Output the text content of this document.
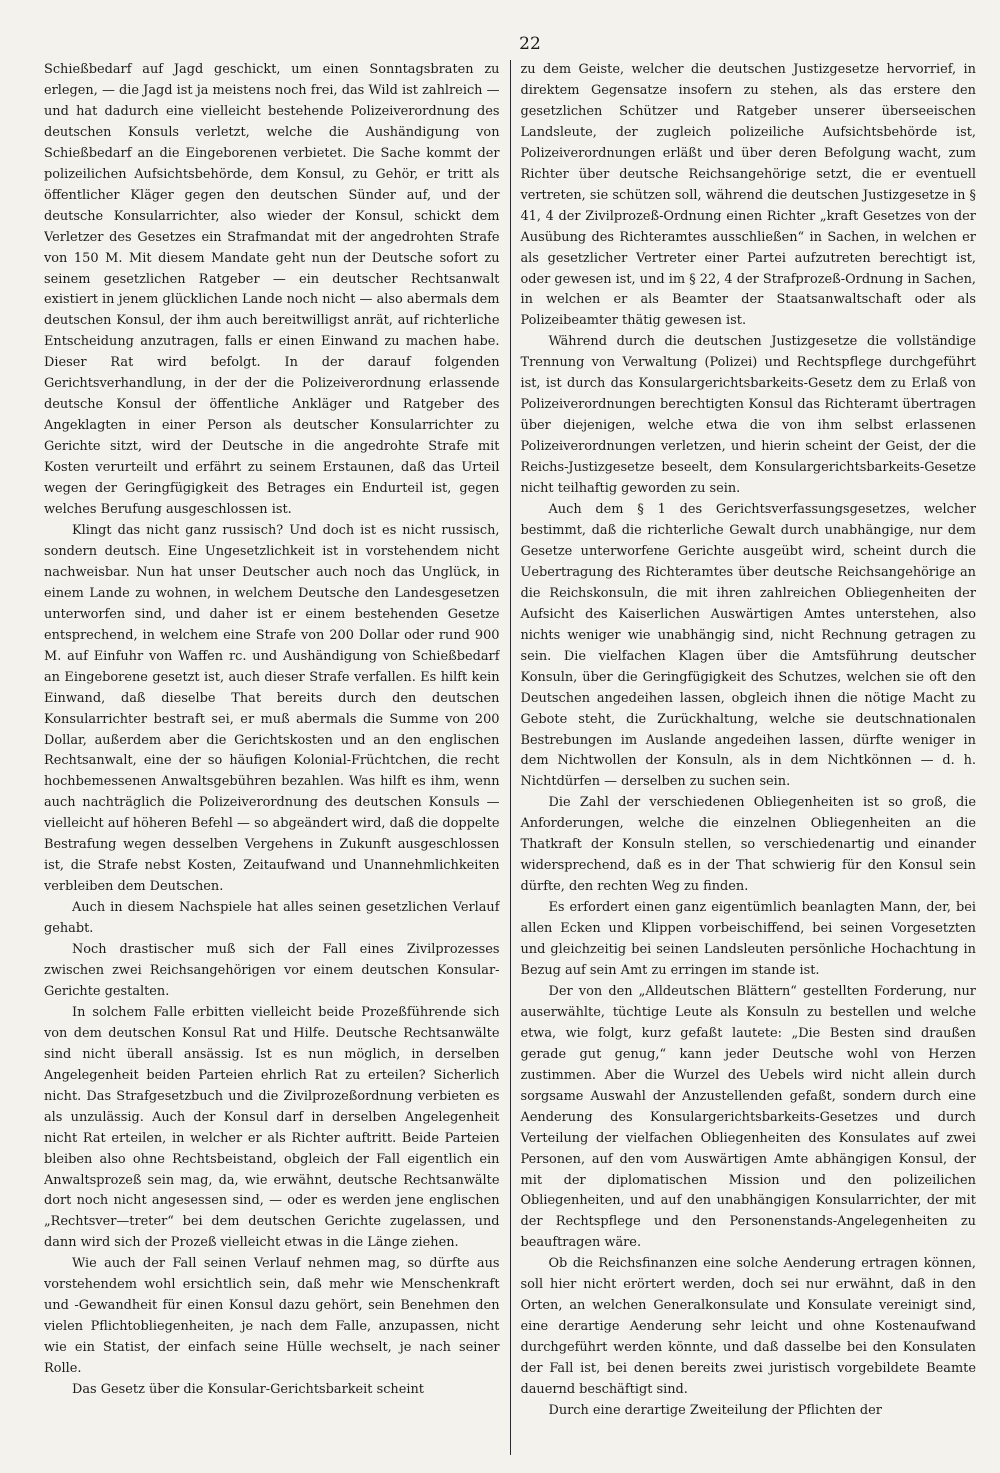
22

Schießbedarf auf Jagd geschickt, um einen Sonntagsbraten zu erlegen, — die Jagd ist ja meistens noch frei, das Wild ist zahlreich — und hat dadurch eine vielleicht bestehende Polizeiverordnung des deutschen Konsuls verletzt, welche die Aushändigung von Schießbedarf an die Eingeborenen verbietet. Die Sache kommt der polizeilichen Aufsichtsbehörde, dem Konsul, zu Gehör, er tritt als öffentlicher Kläger gegen den deutschen Sünder auf, und der deutsche Konsularrichter, also wieder der Konsul, schickt dem Verletzer des Gesetzes ein Strafmandat mit der angedrohten Strafe von 150 M. Mit diesem Mandate geht nun der Deutsche sofort zu seinem gesetzlichen Ratgeber — ein deutscher Rechtsanwalt existiert in jenem glücklichen Lande noch nicht — also abermals dem deutschen Konsul, der ihm auch bereitwilligst anrät, auf richterliche Entscheidung anzutragen, falls er einen Einwand zu machen habe. Dieser Rat wird befolgt. In der darauf folgenden Gerichtsverhandlung, in der der die Polizeiverordnung erlassende deutsche Konsul der öffentliche Ankläger und Ratgeber des Angeklagten in einer Person als deutscher Konsularrichter zu Gerichte sitzt, wird der Deutsche in die angedrohte Strafe mit Kosten verurteilt und erfährt zu seinem Erstaunen, daß das Urteil wegen der Geringfügigkeit des Betrages ein Endurteil ist, gegen welches Berufung ausgeschlossen ist.

Klingt das nicht ganz russisch? Und doch ist es nicht russisch, sondern deutsch. Eine Ungesetzlichkeit ist in vorstehendem nicht nachweisbar. Nun hat unser Deutscher auch noch das Unglück, in einem Lande zu wohnen, in welchem Deutsche den Landesgesetzen unterworfen sind, und daher ist er einem bestehenden Gesetze entsprechend, in welchem eine Strafe von 200 Dollar oder rund 900 M. auf Einfuhr von Waffen rc. und Aushändigung von Schießbedarf an Eingeborene gesetzt ist, auch dieser Strafe verfallen. Es hilft kein Einwand, daß dieselbe That bereits durch den deutschen Konsularrichter bestraft sei, er muß abermals die Summe von 200 Dollar, außerdem aber die Gerichtskosten und an den englischen Rechtsanwalt, eine der so häufigen Kolonial-Früchtchen, die recht hochbemessenen Anwaltsgebühren bezahlen. Was hilft es ihm, wenn auch nachträglich die Polizeiverordnung des deutschen Konsuls — vielleicht auf höheren Befehl — so abgeändert wird, daß die doppelte Bestrafung wegen desselben Vergehens in Zukunft ausgeschlossen ist, die Strafe nebst Kosten, Zeitaufwand und Unannehmlichkeiten verbleiben dem Deutschen.

Auch in diesem Nachspiele hat alles seinen gesetzlichen Verlauf gehabt.

Noch drastischer muß sich der Fall eines Zivilprozesses zwischen zwei Reichsangehörigen vor einem deutschen Konsular-Gerichte gestalten.

In solchem Falle erbitten vielleicht beide Prozeßführende sich von dem deutschen Konsul Rat und Hilfe. Deutsche Rechtsanwälte sind nicht überall ansässig. Ist es nun möglich, in derselben Angelegenheit beiden Parteien ehrlich Rat zu erteilen? Sicherlich nicht. Das Strafgesetzbuch und die Zivilprozeßordnung verbieten es als unzulässig. Auch der Konsul darf in derselben Angelegenheit nicht Rat erteilen, in welcher er als Richter auftritt. Beide Parteien bleiben also ohne Rechtsbeistand, obgleich der Fall eigentlich ein Anwaltsprozeß sein mag, da, wie erwähnt, deutsche Rechtsanwälte dort noch nicht angesessen sind, — oder es werden jene englischen „Rechtsver—treter“ bei dem deutschen Gerichte zugelassen, und dann wird sich der Prozeß vielleicht etwas in die Länge ziehen.

Wie auch der Fall seinen Verlauf nehmen mag, so dürfte aus vorstehendem wohl ersichtlich sein, daß mehr wie Menschenkraft und -Gewandheit für einen Konsul dazu gehört, sein Benehmen den vielen Pflichtobliegenheiten, je nach dem Falle, anzupassen, nicht wie ein Statist, der einfach seine Hülle wechselt, je nach seiner Rolle.

Das Gesetz über die Konsular-Gerichtsbarkeit scheint

zu dem Geiste, welcher die deutschen Justizgesetze hervorrief, in direktem Gegensatze insofern zu stehen, als das erstere den gesetzlichen Schützer und Ratgeber unserer überseeischen Landsleute, der zugleich polizeiliche Aufsichtsbehörde ist, Polizeiverordnungen erläßt und über deren Befolgung wacht, zum Richter über deutsche Reichsangehörige setzt, die er eventuell vertreten, sie schützen soll, während die deutschen Justizgesetze in § 41, 4 der Zivilprozeß-Ordnung einen Richter „kraft Gesetzes von der Ausübung des Richteramtes ausschließen“ in Sachen, in welchen er als gesetzlicher Vertreter einer Partei aufzutreten berechtigt ist, oder gewesen ist, und im § 22, 4 der Strafprozeß-Ordnung in Sachen, in welchen er als Beamter der Staatsanwaltschaft oder als Polizeibeamter thätig gewesen ist.

Während durch die deutschen Justizgesetze die vollständige Trennung von Verwaltung (Polizei) und Rechtspflege durchgeführt ist, ist durch das Konsulargerichtsbarkeits-Gesetz dem zu Erlaß von Polizeiverordnungen berechtigten Konsul das Richteramt übertragen über diejenigen, welche etwa die von ihm selbst erlassenen Polizeiverordnungen verletzen, und hierin scheint der Geist, der die Reichs-Justizgesetze beseelt, dem Konsulargerichtsbarkeits-Gesetze nicht teilhaftig geworden zu sein.

Auch dem § 1 des Gerichtsverfassungsgesetzes, welcher bestimmt, daß die richterliche Gewalt durch unabhängige, nur dem Gesetze unterworfene Gerichte ausgeübt wird, scheint durch die Uebertragung des Richteramtes über deutsche Reichsangehörige an die Reichskonsuln, die mit ihren zahlreichen Obliegenheiten der Aufsicht des Kaiserlichen Auswärtigen Amtes unterstehen, also nichts weniger wie unabhängig sind, nicht Rechnung getragen zu sein. Die vielfachen Klagen über die Amtsführung deutscher Konsuln, über die Geringfügigkeit des Schutzes, welchen sie oft den Deutschen angedeihen lassen, obgleich ihnen die nötige Macht zu Gebote steht, die Zurückhaltung, welche sie deutschnationalen Bestrebungen im Auslande angedeihen lassen, dürfte weniger in dem Nichtwollen der Konsuln, als in dem Nichtkönnen — d. h. Nichtdürfen — derselben zu suchen sein.

Die Zahl der verschiedenen Obliegenheiten ist so groß, die Anforderungen, welche die einzelnen Obliegenheiten an die Thatkraft der Konsuln stellen, so verschiedenartig und einander widersprechend, daß es in der That schwierig für den Konsul sein dürfte, den rechten Weg zu finden.

Es erfordert einen ganz eigentümlich beanlagten Mann, der, bei allen Ecken und Klippen vorbeischiffend, bei seinen Vorgesetzten und gleichzeitig bei seinen Landsleuten persönliche Hochachtung in Bezug auf sein Amt zu erringen im stande ist.

Der von den „Alldeutschen Blättern“ gestellten Forderung, nur auserwählte, tüchtige Leute als Konsuln zu bestellen und welche etwa, wie folgt, kurz gefaßt lautete: „Die Besten sind draußen gerade gut genug,“ kann jeder Deutsche wohl von Herzen zustimmen. Aber die Wurzel des Uebels wird nicht allein durch sorgsame Auswahl der Anzustellenden gefaßt, sondern durch eine Aenderung des Konsulargerichtsbarkeits-Gesetzes und durch Verteilung der vielfachen Obliegenheiten des Konsulates auf zwei Personen, auf den vom Auswärtigen Amte abhängigen Konsul, der mit der diplomatischen Mission und den polizeilichen Obliegenheiten, und auf den unabhängigen Konsularrichter, der mit der Rechtspflege und den Personenstands-Angelegenheiten zu beauftragen wäre.

Ob die Reichsfinanzen eine solche Aenderung ertragen können, soll hier nicht erörtert werden, doch sei nur erwähnt, daß in den Orten, an welchen Generalkonsulate und Konsulate vereinigt sind, eine derartige Aenderung sehr leicht und ohne Kostenaufwand durchgeführt werden könnte, und daß dasselbe bei den Konsulaten der Fall ist, bei denen bereits zwei juristisch vorgebildete Beamte dauernd beschäftigt sind.

Durch eine derartige Zweiteilung der Pflichten der
